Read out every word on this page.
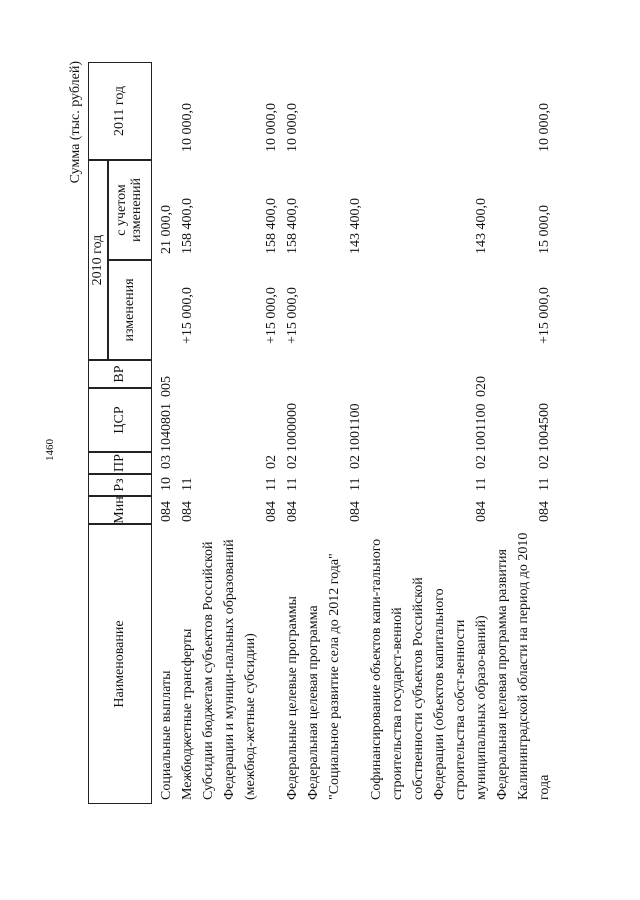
1460
Сумма (тыс. рублей)
Наименование
Мин
Рз
ПР
ЦСР
ВР
2010 год
изменения
с учетом изменений
2011 год
Социальные выплаты
084
10
03
1040801
005
21 000,0
Межбюджетные трансферты
084
11
+15 000,0
158 400,0
10 000,0
Субсидии бюджетам субъектов Российской Федерации и муници-пальных образований (межбюд-жетные субсидии)
084
11
02
+15 000,0
158 400,0
10 000,0
Федеральные целевые программы
084
11
02
1000000
+15 000,0
158 400,0
10 000,0
Федеральная целевая программа "Социальное развитие села до 2012 года"
084
11
02
1001100
143 400,0
Софинансирование объектов капи-тального строительства государст-венной собственности субъектов Российской Федерации (объектов капитального строительства собст-венности муниципальных образо-ваний)
084
11
02
1001100
020
143 400,0
Федеральная целевая программа развития Калининградской области на период до 2010 года
084
11
02
1004500
+15 000,0
15 000,0
10 000,0
